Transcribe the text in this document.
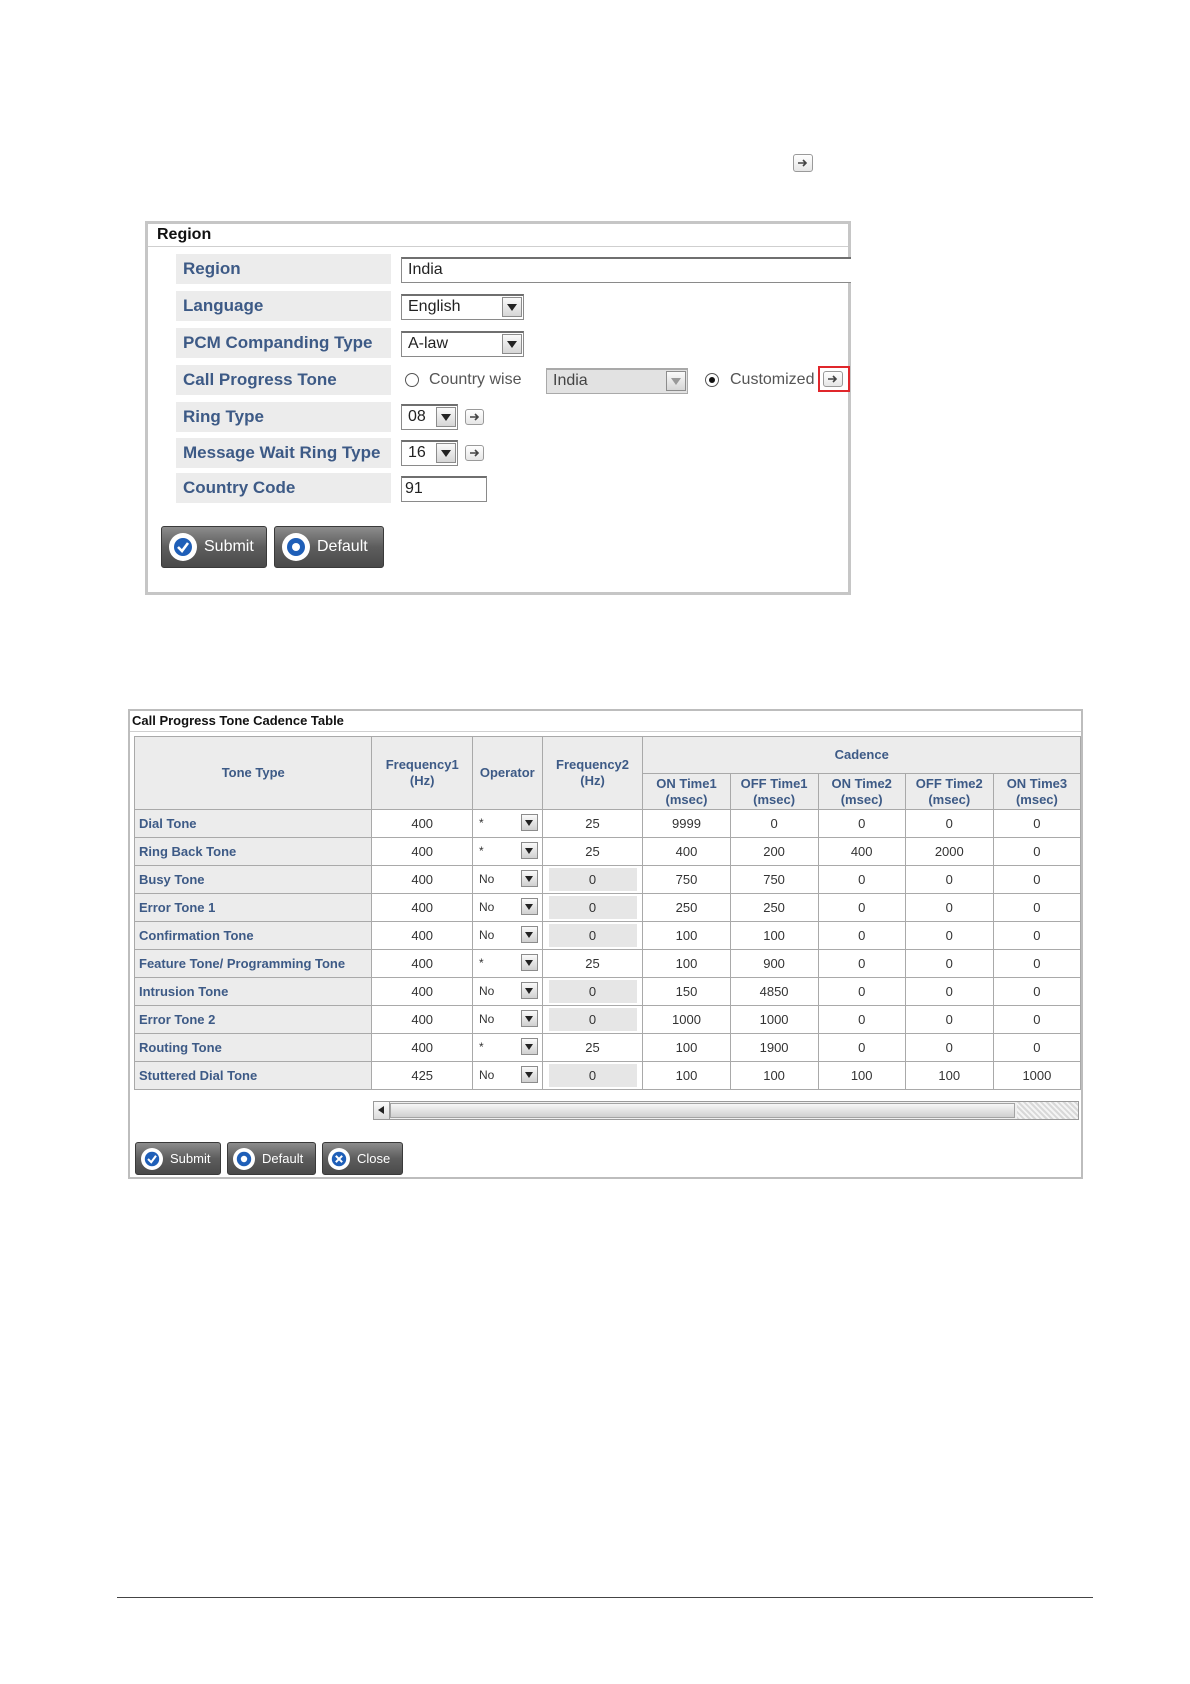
Region
Region	India
Language	English
PCM Companding Type	A-law
Call Progress Tone	Country wise	India	Customized
Ring Type	08
Message Wait Ring Type	16
Country Code	91
Submit	Default
Call Progress Tone Cadence Table
Tone Type	Frequency1 (Hz)	Operator	Frequency2 (Hz)	Cadence				
				ON Time1 (msec)	OFF Time1 (msec)	ON Time2 (msec)	OFF Time2 (msec)	ON Time3 (msec)
Dial Tone	400	*	25	9999	0	0	0	0
Ring Back Tone	400	*	25	400	200	400	2000	0
Busy Tone	400	No	0	750	750	0	0	0
Error Tone 1	400	No	0	250	250	0	0	0
Confirmation Tone	400	No	0	100	100	0	0	0
Feature Tone/ Programming Tone	400	*	25	100	900	0	0	0
Intrusion Tone	400	No	0	150	4850	0	0	0
Error Tone 2	400	No	0	1000	1000	0	0	0
Routing Tone	400	*	25	100	1900	0	0	0
Stuttered Dial Tone	425	No	0	100	100	100	100	1000
Submit	Default	Close
